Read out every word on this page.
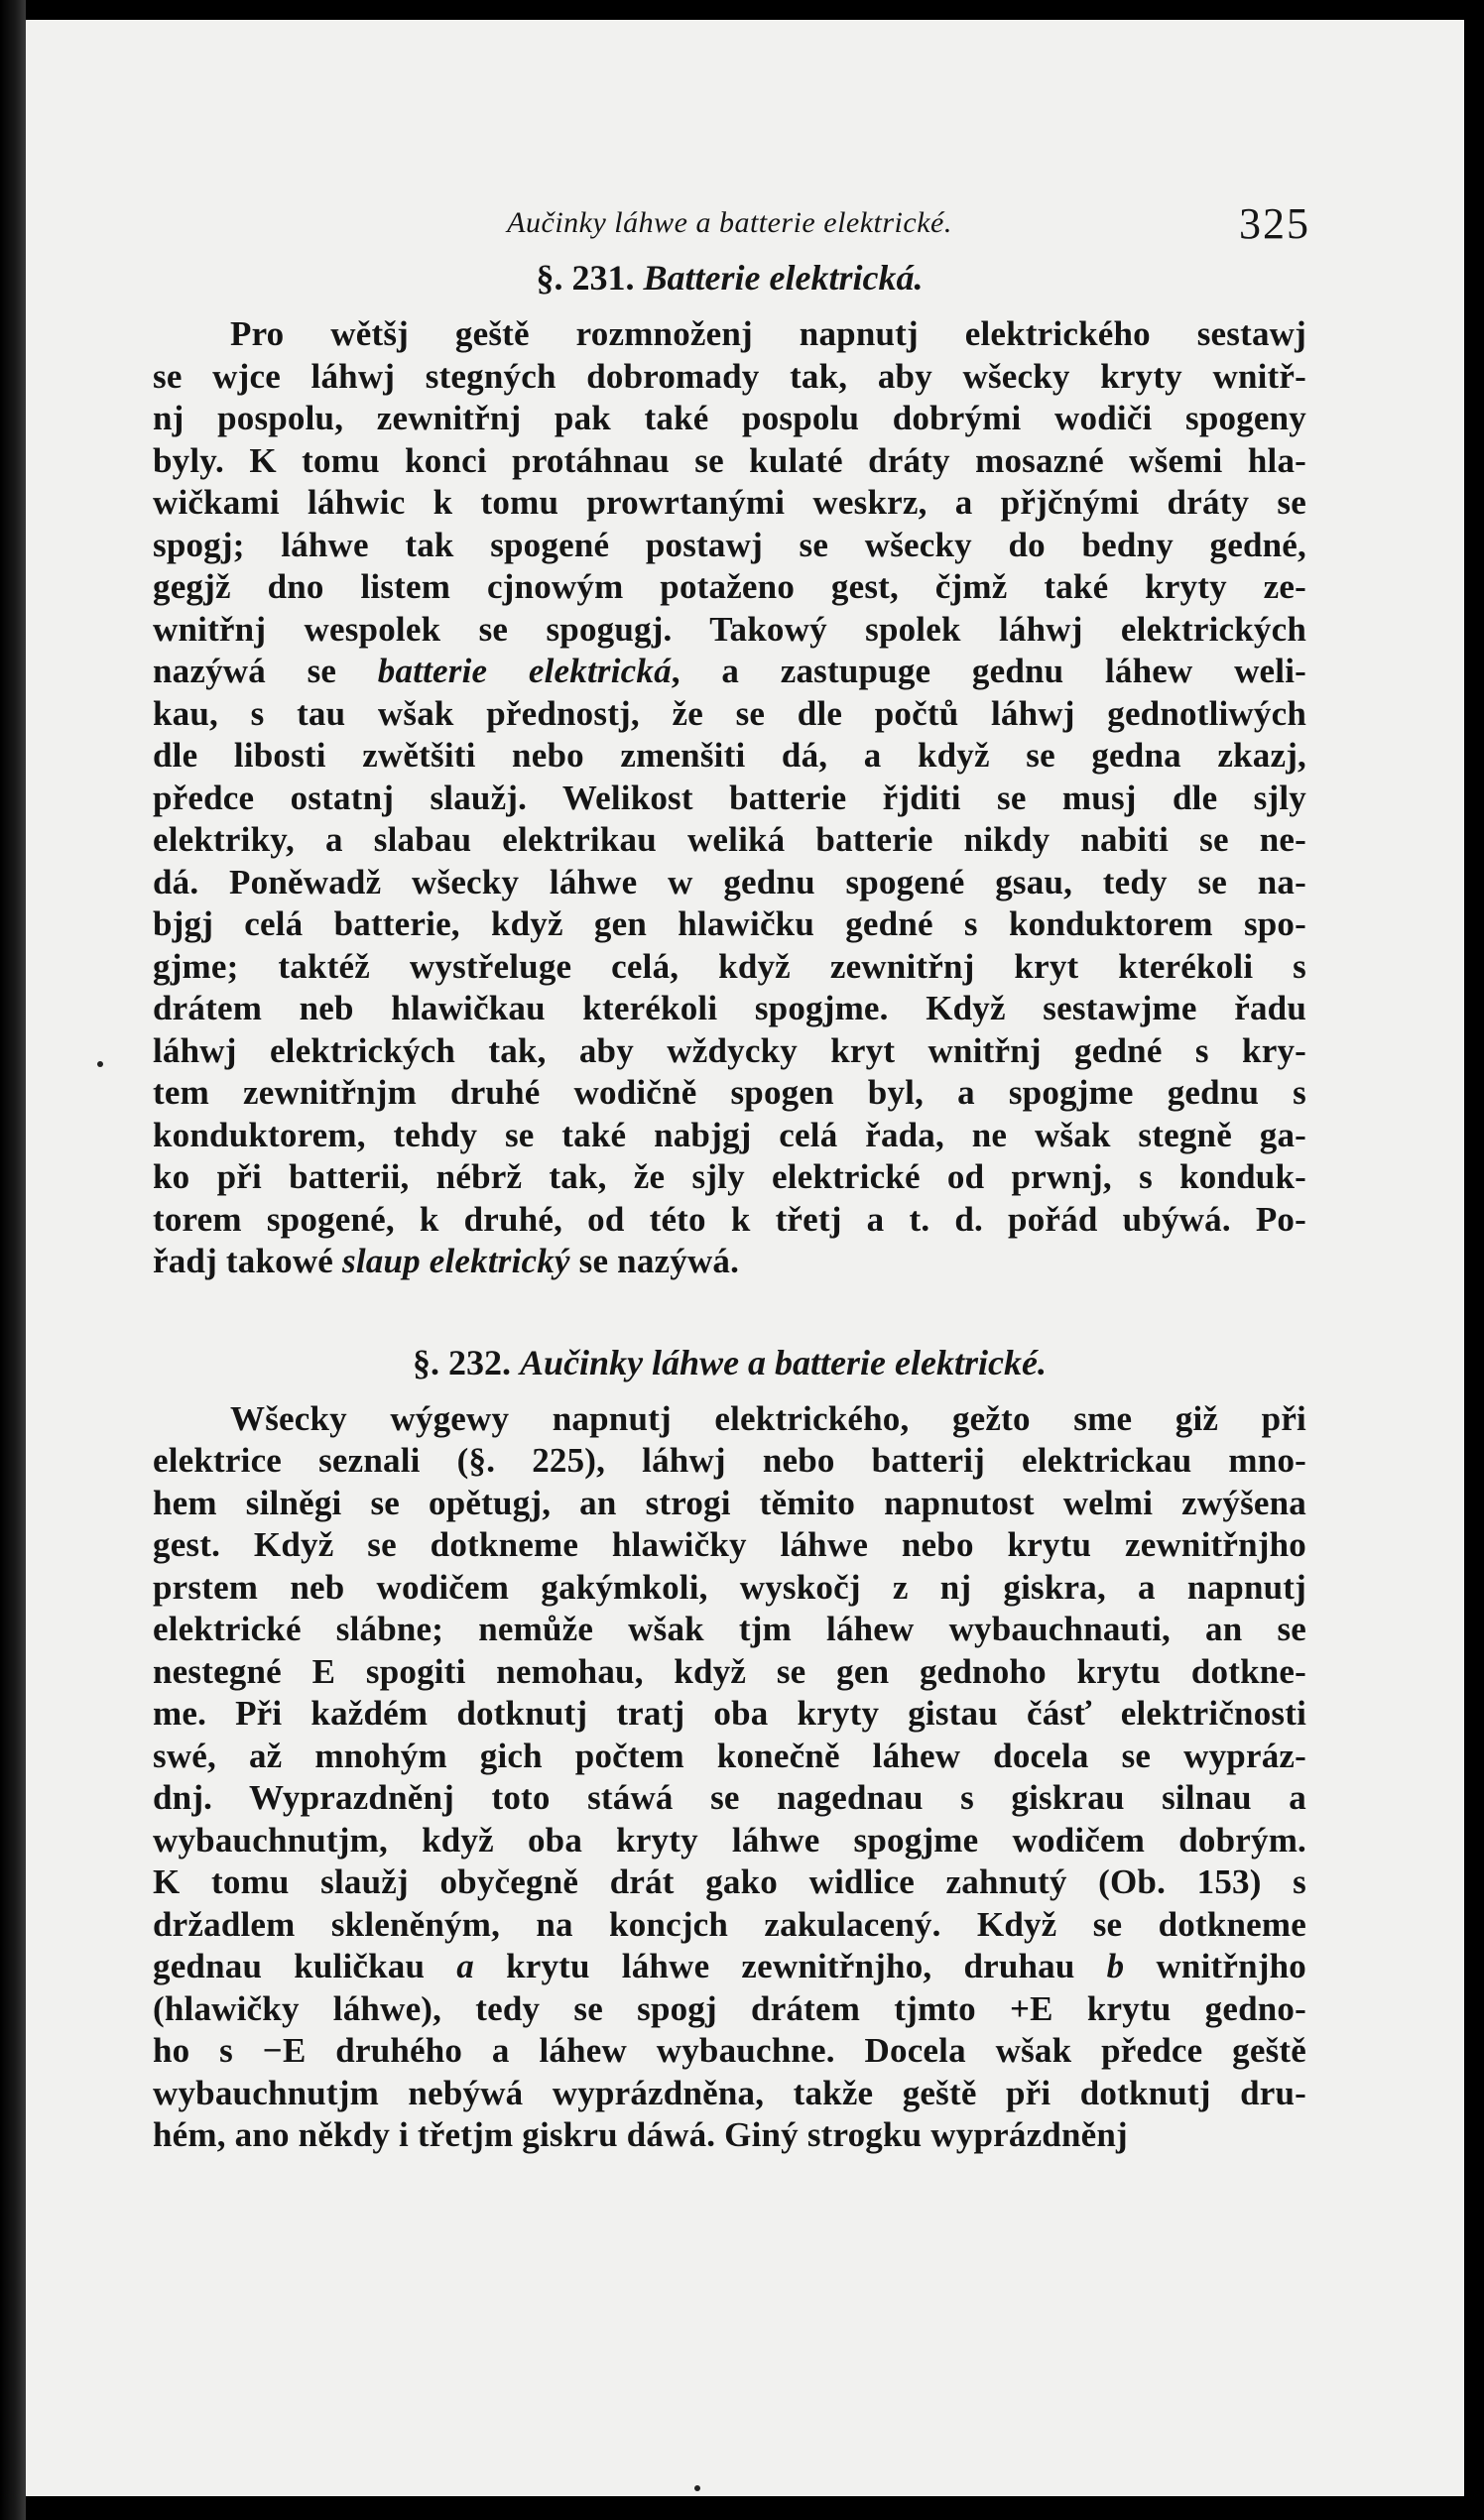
Aučinky láhwe a batterie elektrické.	325
§. 231. Batterie elektrická.
Pro wětšj geště rozmnoženj napnutj elektrického sestawj
se wjce láhwj stegných dobromady tak, aby wšecky kryty wnitř-
nj pospolu, zewnitřnj pak také pospolu dobrými wodiči spogeny
byly. K tomu konci protáhnau se kulaté dráty mosazné wšemi hla-
wičkami láhwic k tomu prowrtanými weskrz, a přjčnými dráty se
spogj; láhwe tak spogené postawj se wšecky do bedny gedné,
gegjž dno listem cjnowým potaženo gest, čjmž také kryty ze-
wnitřnj wespolek se spogugj. Takowý spolek láhwj elektrických
nazýwá se batterie elektrická, a zastupuge gednu láhew weli-
kau, s tau wšak přednostj, že se dle počtů láhwj gednotliwých
dle libosti zwětšiti nebo zmenšiti dá, a když se gedna zkazj,
předce ostatnj slaužj. Welikost batterie řjditi se musj dle sjly
elektriky, a slabau elektrikau weliká batterie nikdy nabiti se ne-
dá. Poněwadž wšecky láhwe w gednu spogené gsau, tedy se na-
bjgj celá batterie, když gen hlawičku gedné s konduktorem spo-
gjme; taktéž wystřeluge celá, když zewnitřnj kryt kterékoli s
drátem neb hlawičkau kterékoli spogjme. Když sestawjme řadu
láhwj elektrických tak, aby wždycky kryt wnitřnj gedné s kry-
tem zewnitřnjm druhé wodičně spogen byl, a spogjme gednu s
konduktorem, tehdy se také nabjgj celá řada, ne wšak stegně ga-
ko při batterii, nébrž tak, že sjly elektrické od prwnj, s konduk-
torem spogené, k druhé, od této k třetj a t. d. pořád ubýwá. Po-
řadj takowé slaup elektrický se nazýwá.
§. 232. Aučinky láhwe a batterie elektrické.
Wšecky wýgewy napnutj elektrického, gežto sme giž při
elektrice seznali (§. 225), láhwj nebo batterij elektrickau mno-
hem silněgi se opětugj, an strogi těmito napnutost welmi zwýšena
gest. Když se dotkneme hlawičky láhwe nebo krytu zewnitřnjho
prstem neb wodičem gakýmkoli, wyskočj z nj giskra, a napnutj
elektrické slábne; nemůže wšak tjm láhew wybauchnauti, an se
nestegné E spogiti nemohau, když se gen gednoho krytu dotkne-
me. Při každém dotknutj tratj oba kryty gistau čásť električnosti
swé, až mnohým gich počtem konečně láhew docela se wypráz-
dnj. Wyprazdněnj toto stáwá se nagednau s giskrau silnau a
wybauchnutjm, když oba kryty láhwe spogjme wodičem dobrým.
K tomu slaužj obyčegně drát gako widlice zahnutý (Ob. 153) s
držadlem skleněným, na koncjch zakulacený. Když se dotkneme
gednau kuličkau a krytu láhwe zewnitřnjho, druhau b wnitřnjho
(hlawičky láhwe), tedy se spogj drátem tjmto +E krytu gedno-
ho s −E druhého a láhew wybauchne. Docela wšak předce geště
wybauchnutjm nebýwá wyprázdněna, takže geště při dotknutj dru-
hém, ano někdy i třetjm giskru dáwá. Giný strogku wyprázdněnj
